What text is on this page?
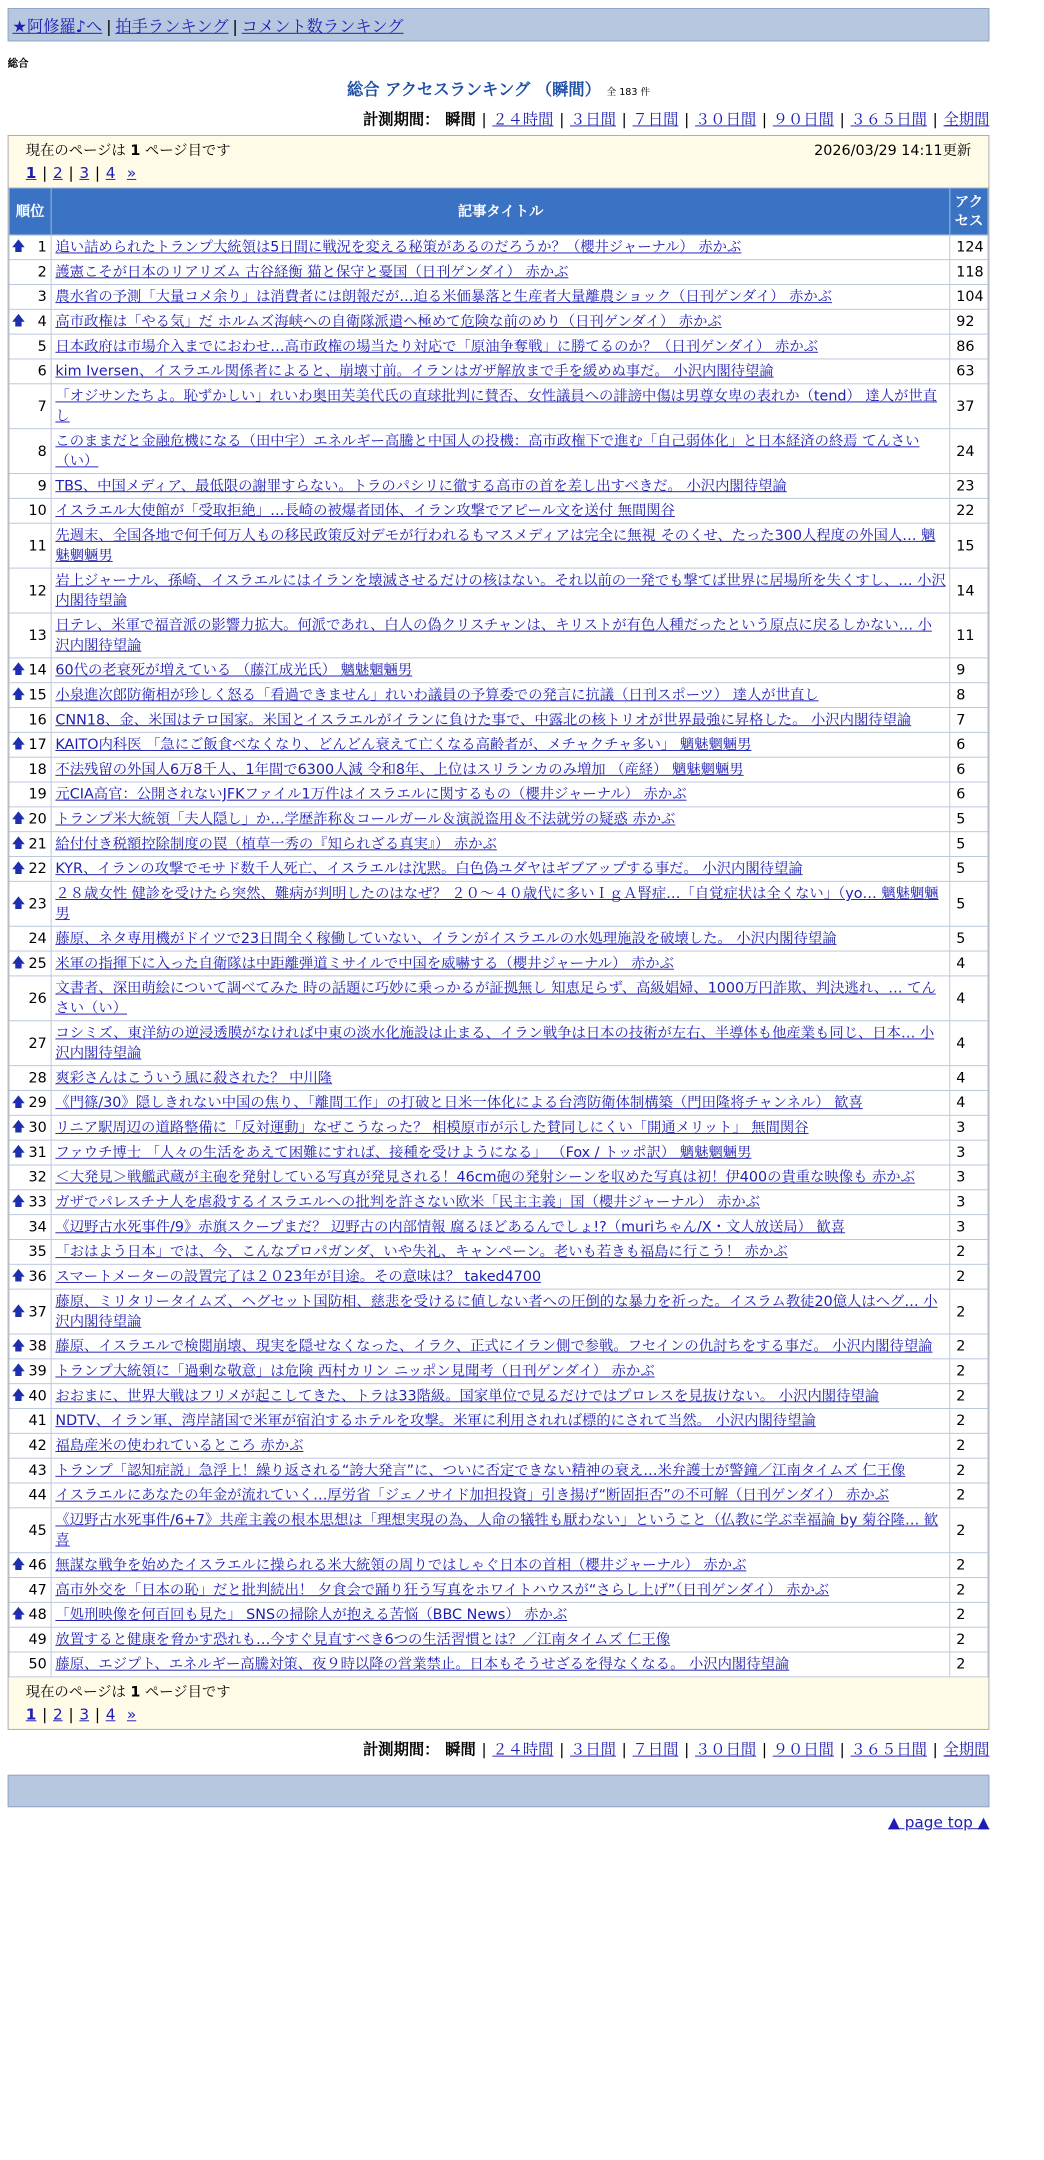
★阿修羅♪へ | 拍手ランキング | コメント数ランキング
総合
総合 アクセスランキング （瞬間） 全 183 件
計測期間： 瞬間 | ２４時間 | ３日間 | ７日間 | ３０日間 | ９０日間 | ３６５日間 | 全期間
現在のページは 1 ページ目です	2026/03/29 14:11更新
1 | 2 | 3 | 4 »
順位	記事タイトル	アクセス

🡅 1	追い詰められたトランプ大統領は5日間に戦況を変える秘策があるのだろうか？（櫻井ジャーナル） 赤かぶ	124
2	護憲こそが日本のリアリズム 古谷経衡 猫と保守と憂国（日刊ゲンダイ） 赤かぶ	118
3	農水省の予測「大量コメ余り」は消費者には朗報だが…迫る米価暴落と生産者大量離農ショック（日刊ゲンダイ） 赤かぶ	104

🡅 4	高市政権は「やる気」だ ホルムズ海峡への自衛隊派遣へ極めて危険な前のめり（日刊ゲンダイ） 赤かぶ	92
5	日本政府は市場介入までにおわせ…高市政権の場当たり対応で「原油争奪戦」に勝てるのか？（日刊ゲンダイ） 赤かぶ	86
6	kim Iversen、イスラエル関係者によると、崩壊寸前。イランはガザ解放まで手を緩めぬ事だ。 小沢内閣待望論	63
7	「オジサンたちよ。恥ずかしい」れいわ奥田芙美代氏の直球批判に賛否、女性議員への誹謗中傷は男尊女卑の表れか（tend） 達人が世直し	37
8	このままだと金融危機になる（田中宇）エネルギー高騰と中国人の投機：高市政権下で進む「自己弱体化」と日本経済の終焉 てんさい（い）	24
9	TBS、中国メディア、最低限の謝罪すらない。トラのパシリに徹する高市の首を差し出すべきだ。 小沢内閣待望論	23
10	イスラエル大使館が「受取拒絶」…長崎の被爆者団体、イラン攻撃でアピール文を送付 無間関谷	22
11	先週末、全国各地で何千何万人もの移民政策反対デモが行われるもマスメディアは完全に無視 そのくせ、たった300人程度の外国人… 魑魅魍魎男	15
12	岩上ジャーナル、孫崎、イスラエルにはイランを壊滅させるだけの核はない。それ以前の一発でも撃てば世界に居場所を失くすし、… 小沢内閣待望論	14
13	日テレ、米軍で福音派の影響力拡大。何派であれ、白人の偽クリスチャンは、キリストが有色人種だったという原点に戻るしかない… 小沢内閣待望論	11

🡅 14	60代の老衰死が増えている （藤江成光氏） 魑魅魍魎男	9

🡅 15	小泉進次郎防衛相が珍しく怒る「看過できません」れいわ議員の予算委での発言に抗議（日刊スポーツ） 達人が世直し	8
16	CNN18、金、米国はテロ国家。米国とイスラエルがイランに負けた事で、中露北の核トリオが世界最強に昇格した。 小沢内閣待望論	7

🡅 17	KAITO内科医 「急にご飯食べなくなり、どんどん衰えて亡くなる高齢者が、メチャクチャ多い」 魑魅魍魎男	6
18	不法残留の外国人6万8千人、1年間で6300人減 令和8年、上位はスリランカのみ増加 （産経） 魑魅魍魎男	6
19	元CIA高官：公開されないJFKファイル1万件はイスラエルに関するもの（櫻井ジャーナル） 赤かぶ	6

🡅 20	トランプ米大統領「夫人隠し」か…学歴詐称＆コールガール＆演説盗用＆不法就労の疑惑 赤かぶ	5

🡅 21	給付付き税額控除制度の罠（植草一秀の『知られざる真実』） 赤かぶ	5

🡅 22	KYR、イランの攻撃でモサド数千人死亡、イスラエルは沈黙。白色偽ユダヤはギブアップする事だ。 小沢内閣待望論	5

🡅 23	２８歳女性 健診を受けたら突然、難病が判明したのはなぜ？ ２０～４０歳代に多いＩｇＡ腎症…「自覚症状は全くない」（yo… 魑魅魍魎男	5
24	藤原、ネタ専用機がドイツで23日間全く稼働していない、イランがイスラエルの水処理施設を破壊した。 小沢内閣待望論	5

🡅 25	米軍の指揮下に入った自衛隊は中距離弾道ミサイルで中国を威嚇する（櫻井ジャーナル） 赤かぶ	4
26	文書者、深田萌絵について調べてみた 時の話題に巧妙に乗っかるが証拠無し 知恵足らず、高級娼婦、1000万円詐欺、判決逃れ、… てんさい（い）	4
27	コシミズ、東洋紡の逆浸透膜がなければ中東の淡水化施設は止まる、イラン戦争は日本の技術が左右、半導体も他産業も同じ、日本… 小沢内閣待望論	4
28	爽彩さんはこういう風に殺された？ 中川隆	4

🡅 29	《門篠/30》隠しきれない中国の焦り、「離間工作」の打破と日米一体化による台湾防衛体制構築（門田隆将チャンネル） 歓喜	4

🡅 30	リニア駅周辺の道路整備に「反対運動」なぜこうなった？ 相模原市が示した賛同しにくい「開通メリット」 無間関谷	3

🡅 31	ファウチ博士 「人々の生活をあえて困難にすれば、接種を受けようになる」 （Fox / トッポ訳） 魑魅魍魎男	3
32	＜大発見＞戦艦武蔵が主砲を発射している写真が発見される！46cm砲の発射シーンを収めた写真は初！伊400の貴重な映像も 赤かぶ	3

🡅 33	ガザでパレスチナ人を虐殺するイスラエルへの批判を許さない欧米「民主主義」国（櫻井ジャーナル） 赤かぶ	3
34	《辺野古水死事件/9》赤旗スクープまだ？ 辺野古の内部情報 腐るほどあるんでしょ!?（muriちゃん/X・文人放送局） 歓喜	3
35	「おはよう日本」では、今、こんなプロパガンダ、いや失礼、キャンペーン。老いも若きも福島に行こう！ 赤かぶ	2

🡅 36	スマートメーターの設置完了は２０23年が目途。その意味は？ taked4700	2

🡅 37	藤原、ミリタリータイムズ、ヘグセット国防相、慈悲を受けるに値しない者への圧倒的な暴力を祈った。イスラム教徒20億人はヘグ… 小沢内閣待望論	2

🡅 38	藤原、イスラエルで検閲崩壊、現実を隠せなくなった、イラク、正式にイラン側で参戦。フセインの仇討ちをする事だ。 小沢内閣待望論	2

🡅 39	トランプ大統領に「過剰な敬意」は危険 西村カリン ニッポン見聞考（日刊ゲンダイ） 赤かぶ	2

🡅 40	おおまに、世界大戦はフリメが起こしてきた、トラは33階級。国家単位で見るだけではプロレスを見抜けない。 小沢内閣待望論	2
41	NDTV、イラン軍、湾岸諸国で米軍が宿泊するホテルを攻撃。米軍に利用されれば標的にされて当然。 小沢内閣待望論	2
42	福島産米の使われているところ 赤かぶ	2
43	トランプ「認知症説」急浮上！繰り返される“誇大発言”に、ついに否定できない精神の衰え…米弁護士が警鐘／江南タイムズ 仁王像	2
44	イスラエルにあなたの年金が流れていく…厚労省「ジェノサイド加担投資」引き揚げ“断固拒否”の不可解（日刊ゲンダイ） 赤かぶ	2
45	《辺野古水死事件/6+7》共産主義の根本思想は「理想実現の為、人命の犠牲も厭わない」ということ（仏教に学ぶ幸福論 by 菊谷隆… 歓喜	2

🡅 46	無謀な戦争を始めたイスラエルに操られる米大統領の周りではしゃぐ日本の首相（櫻井ジャーナル） 赤かぶ	2
47	高市外交を「日本の恥」だと批判続出！ 夕食会で踊り狂う写真をホワイトハウスが“さらし上げ”（日刊ゲンダイ） 赤かぶ	2

🡅 48	「処刑映像を何百回も見た」 SNSの掃除人が抱える苦悩（BBC News） 赤かぶ	2
49	放置すると健康を脅かす恐れも…今すぐ見直すべき6つの生活習慣とは？／江南タイムズ 仁王像	2
50	藤原、エジプト、エネルギー高騰対策、夜９時以降の営業禁止。日本もそうせざるを得なくなる。 小沢内閣待望論	2
現在のページは 1 ページ目です
1 | 2 | 3 | 4 »
計測期間： 瞬間 | ２４時間 | ３日間 | ７日間 | ３０日間 | ９０日間 | ３６５日間 | 全期間
▲ page top ▲
